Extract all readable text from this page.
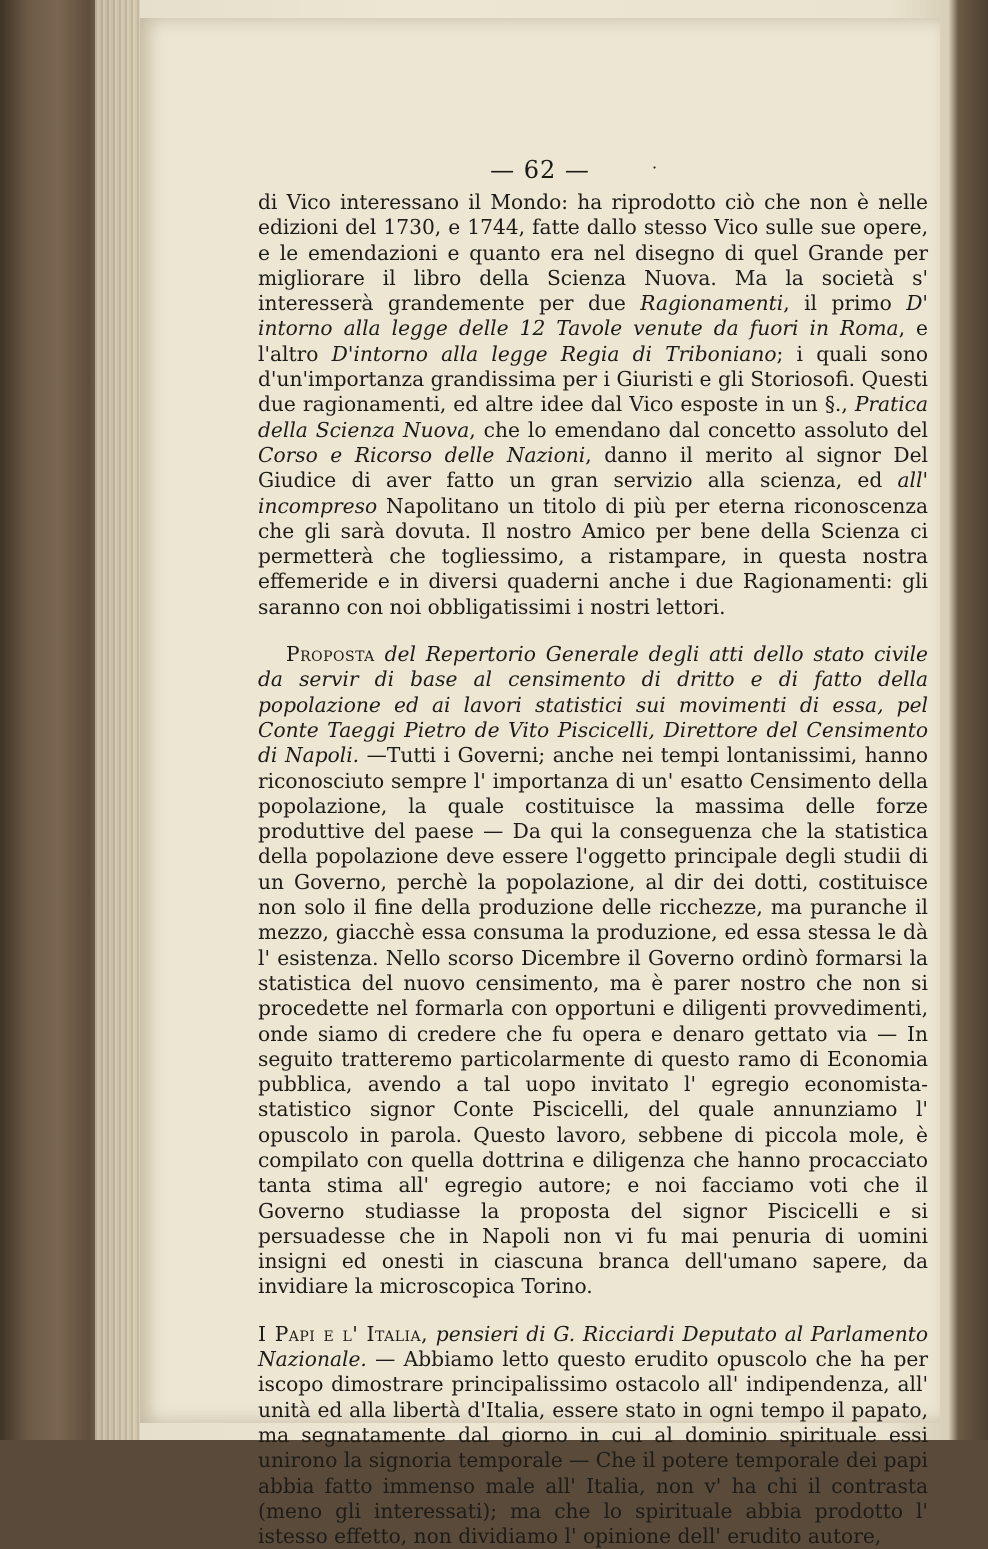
— 62 —	·

di Vico interessano il Mondo: ha riprodotto ciò che non è nelle edizioni del 1730, e 1744, fatte dallo stesso Vico sulle sue opere, e le emendazioni e quanto era nel disegno di quel Grande per migliorare il libro della Scienza Nuova. Ma la società s' interesserà grandemente per due Ragionamenti, il primo D' intorno alla legge delle 12 Tavole venute da fuori in Roma, e l'altro D'intorno alla legge Regia di Triboniano; i quali sono d'un'importanza grandissima per i Giuristi e gli Storiosofi. Questi due ragionamenti, ed altre idee dal Vico esposte in un §., Pratica della Scienza Nuova, che lo emendano dal concetto assoluto del Corso e Ricorso delle Nazioni, danno il merito al signor Del Giudice di aver fatto un gran servizio alla scienza, ed all' incompreso Napolitano un titolo di più per eterna riconoscenza che gli sarà dovuta. Il nostro Amico per bene della Scienza ci permetterà che togliessimo, a ristampare, in questa nostra effemeride e in diversi quaderni anche i due Ragionamenti: gli saranno con noi obbligatissimi i nostri lettori.

Proposta del Repertorio Generale degli atti dello stato civile da servir di base al censimento di dritto e di fatto della popolazione ed ai lavori statistici sui movimenti di essa, pel Conte Taeggi Pietro de Vito Piscicelli, Direttore del Censimento di Napoli. —Tutti i Governi; anche nei tempi lontanissimi, hanno riconosciuto sempre l' importanza di un' esatto Censimento della popolazione, la quale costituisce la massima delle forze produttive del paese — Da qui la conseguenza che la statistica della popolazione deve essere l'oggetto principale degli studii di un Governo, perchè la popolazione, al dir dei dotti, costituisce non solo il fine della produzione delle ricchezze, ma puranche il mezzo, giacchè essa consuma la produzione, ed essa stessa le dà l' esistenza. Nello scorso Dicembre il Governo ordinò formarsi la statistica del nuovo censimento, ma è parer nostro che non si procedette nel formarla con opportuni e diligenti provvedimenti, onde siamo di credere che fu opera e denaro gettato via — In seguito tratteremo particolarmente di questo ramo di Economia pubblica, avendo a tal uopo invitato l' egregio economista-statistico signor Conte Piscicelli, del quale annunziamo l' opuscolo in parola. Questo lavoro, sebbene di piccola mole, è compilato con quella dottrina e diligenza che hanno procacciato tanta stima all' egregio autore; e noi facciamo voti che il Governo studiasse la proposta del signor Piscicelli e si persuadesse che in Napoli non vi fu mai penuria di uomini insigni ed onesti in ciascuna branca dell'umano sapere, da invidiare la microscopica Torino.

I Papi e l' Italia, pensieri di G. Ricciardi Deputato al Parlamento Nazionale. — Abbiamo letto questo erudito opuscolo che ha per iscopo dimostrare principalissimo ostacolo all' indipendenza, all' unità ed alla libertà d'Italia, essere stato in ogni tempo il papato, ma segnatamente dal giorno in cui al dominio spirituale essi unirono la signoria temporale — Che il potere temporale dei papi abbia fatto immenso male all' Italia, non v' ha chi il contrasta (meno gli interessati); ma che lo spirituale abbia prodotto l' istesso effetto, non dividiamo l' opinione dell' erudito autore,
